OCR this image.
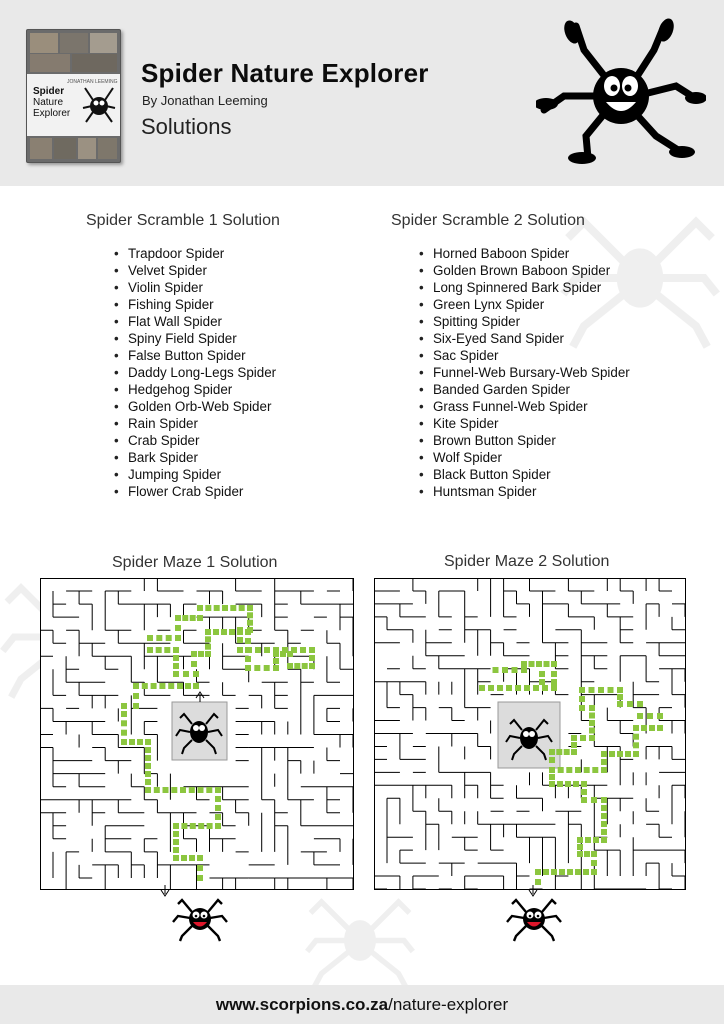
JONATHAN LEEMING
Spider
Nature
Explorer
Spider Nature Explorer
By Jonathan Leeming
Solutions
Spider Scramble 1 Solution
• Trapdoor Spider
• Velvet Spider
• Violin Spider
• Fishing Spider
• Flat Wall Spider
• Spiny Field Spider
• False Button Spider
• Daddy Long-Legs Spider
• Hedgehog Spider
• Golden Orb-Web Spider
• Rain Spider
• Crab Spider
• Bark Spider
• Jumping Spider
• Flower Crab Spider
Spider Scramble 2 Solution
• Horned Baboon Spider
• Golden Brown Baboon Spider
• Long Spinnered Bark Spider
• Green Lynx Spider
• Spitting Spider
• Six-Eyed Sand Spider
• Sac Spider
• Funnel-Web Bursary-Web Spider
• Banded Garden Spider
• Grass Funnel-Web Spider
• Kite Spider
• Brown Button Spider
• Wolf Spider
• Black Button Spider
• Huntsman Spider
Spider Maze 1 Solution	Spider Maze 2 Solution
www.scorpions.co.za/nature-explorer
